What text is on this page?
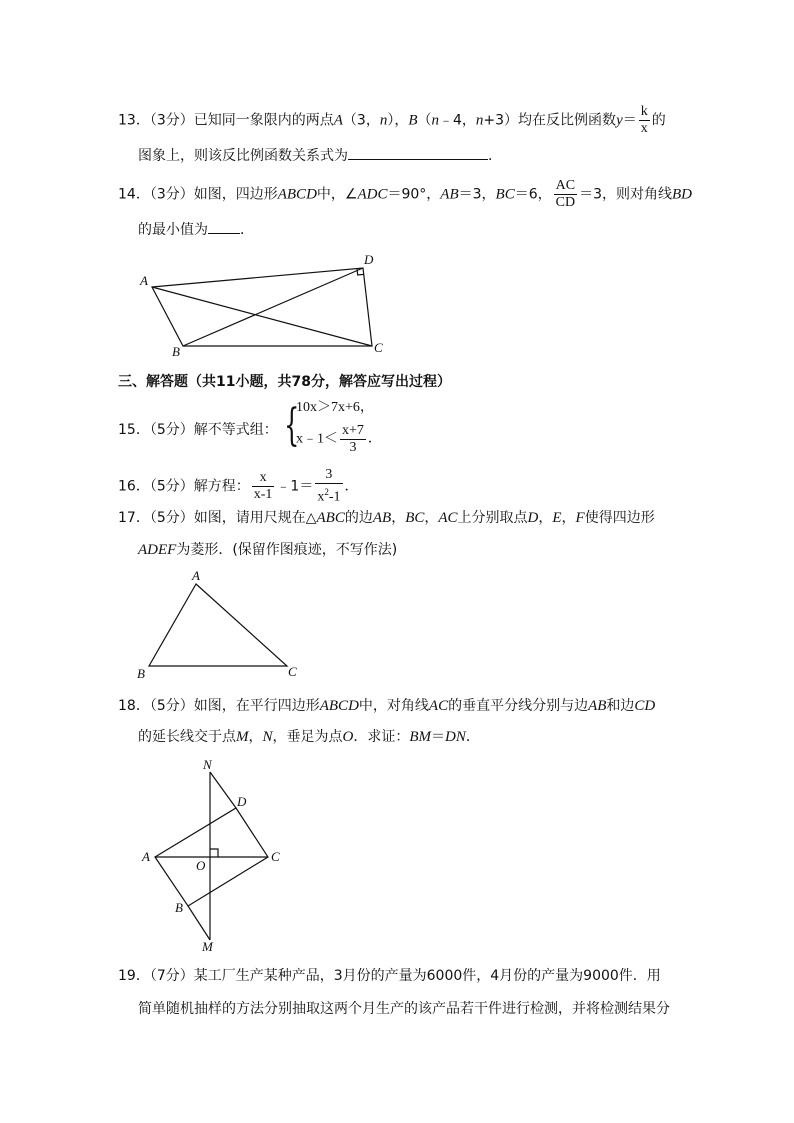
13．（3分）已知同一象限内的两点A（3，n），B（n﹣4，n+3）均在反比例函数$y= \frac{k}{x}$ 的
图象上，则该反比例函数关系式为	．
14．（3分）如图，四边形ABCD中，∠ADC＝90°，AB＝3，BC＝6， $\frac{AC}{CD} =3$，则对角线BD
的最小值为 ．
A
D
B	C
A
B	C
N
D
A
O
C
B
M
三、解答题（共11小题，共78分，解答应写出过程）
15．（5分）解不等式组： {
10x＞7x+6，
x﹣1＜ $\frac{x+7}{3}$ ．
16．（5分）解方程： $\frac{x}{x-1}$ ﹣1＝ $\frac{3}{x^2-1}$ ．
17．（5分）如图，请用尺规在△ABC的边AB，BC，AC上分别取点D，E，F使得四边形
ADEF为菱形．(保留作图痕迹，不写作法)
18．（5分）如图，在平行四边形ABCD中，对角线AC的垂直平分线分别与边AB和边CD
的延长线交于点M，N，垂足为点O．求证：BM＝DN．
19．（7分）某工厂生产某种产品，3月份的产量为6000件，4月份的产量为9000件．用
简单随机抽样的方法分别抽取这两个月生产的该产品若干件进行检测，并将检测结果分
